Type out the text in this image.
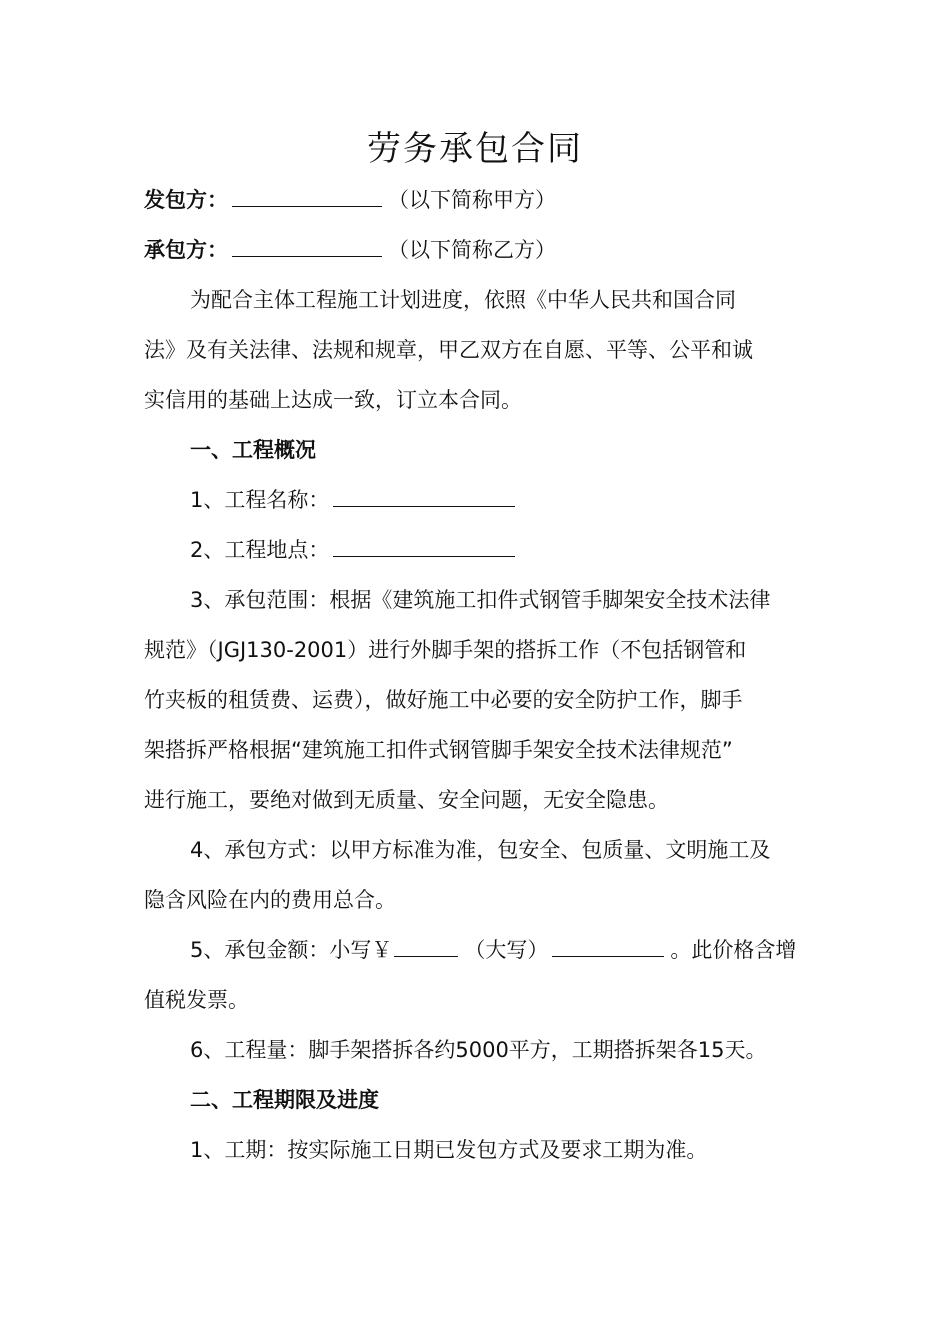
劳务承包合同
发包方：	（以下简称甲方）
承包方：	（以下简称乙方）
为配合主体工程施工计划进度，依照《中华人民共和国合同
法》及有关法律、法规和规章，甲乙双方在自愿、平等、公平和诚
实信用的基础上达成一致，订立本合同。
一、工程概况
1、工程名称：
2、工程地点：
3、承包范围：根据《建筑施工扣件式钢管手脚架安全技术法律
规范》（JGJ130-2001）进行外脚手架的搭拆工作（不包括钢管和
竹夹板的租赁费、运费），做好施工中必要的安全防护工作，脚手
架搭拆严格根据“建筑施工扣件式钢管脚手架安全技术法律规范”
进行施工，要绝对做到无质量、安全问题，无安全隐患。
4、承包方式：以甲方标准为准，包安全、包质量、文明施工及
隐含风险在内的费用总合。
5、承包金额：小写￥	（大写）	。此价格含增
值税发票。
6、工程量：脚手架搭拆各约5000平方，工期搭拆架各15天。
二、工程期限及进度
1、工期：按实际施工日期已发包方式及要求工期为准。
